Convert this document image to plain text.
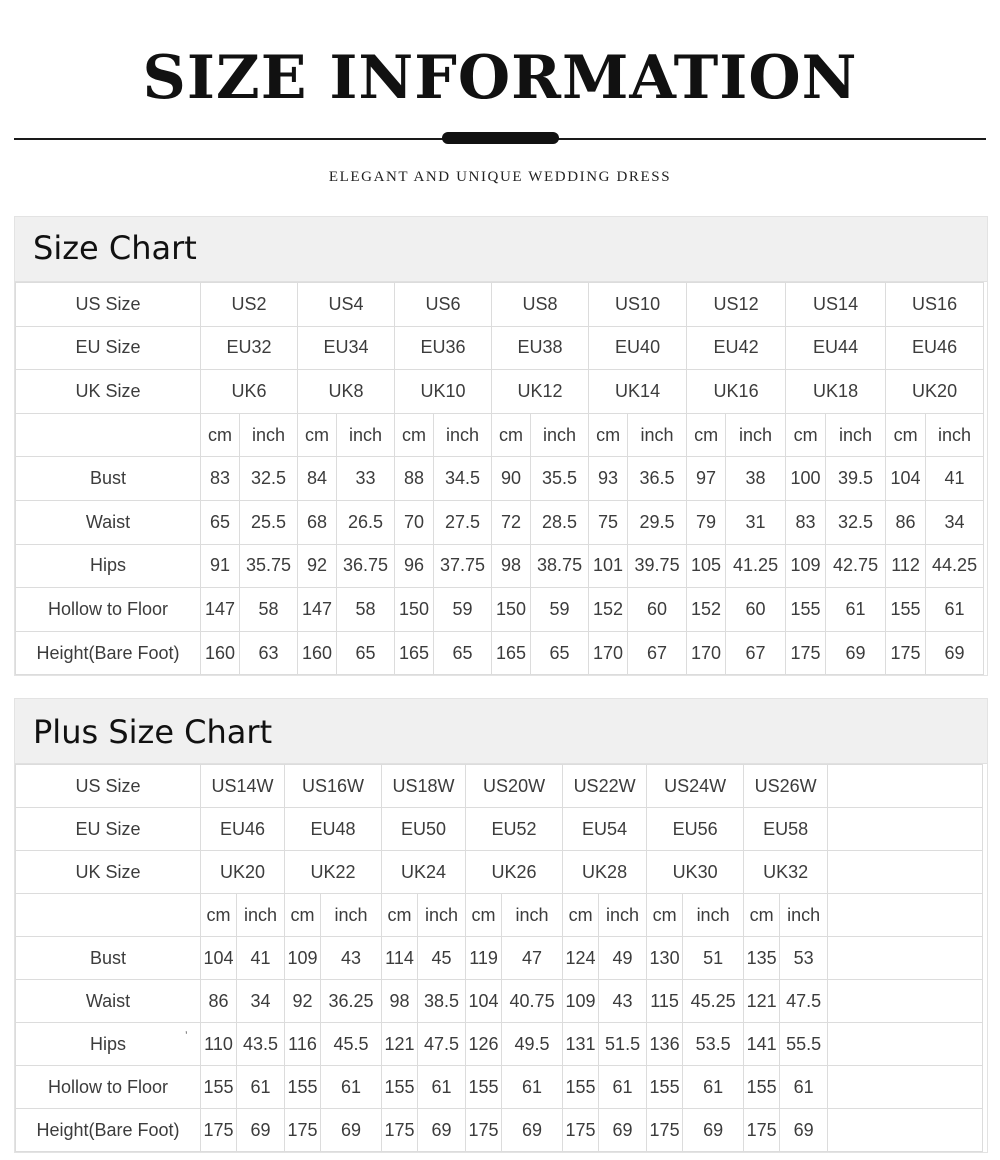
SIZE INFORMATION
ELEGANT AND UNIQUE WEDDING DRESS
Size Chart
US Size	US2		US4		US6		US8		US10		US12		US14		US16	
EU Size	EU32		EU34		EU36		EU38		EU40		EU42		EU44		EU46	
UK Size	UK6		UK8		UK10		UK12		UK14		UK16		UK18		UK20	
	cm	inch	cm	inch	cm	inch	cm	inch	cm	inch	cm	inch	cm	inch	cm	inch
Bust	83	32.5	84	33	88	34.5	90	35.5	93	36.5	97	38	100	39.5	104	41
Waist	65	25.5	68	26.5	70	27.5	72	28.5	75	29.5	79	31	83	32.5	86	34
Hips	91	35.75	92	36.75	96	37.75	98	38.75	101	39.75	105	41.25	109	42.75	112	44.25
Hollow to Floor	147	58	147	58	150	59	150	59	152	60	152	60	155	61	155	61
Height(Bare Foot)	160	63	160	65	165	65	165	65	170	67	170	67	175	69	175	69
Plus Size Chart
US Size	US14W		US16W		US18W		US20W		US22W		US24W		US26W		
EU Size	EU46		EU48		EU50		EU52		EU54		EU56		EU58		
UK Size	UK20		UK22		UK24		UK26		UK28		UK30		UK32		
	cm	inch	cm	inch	cm	inch	cm	inch	cm	inch	cm	inch	cm	inch	
Bust	104	41	109	43	114	45	119	47	124	49	130	51	135	53	
Waist	86	34	92	36.25	98	38.5	104	40.75	109	43	115	45.25	121	47.5	
Hips	110	43.5	116	45.5	121	47.5	126	49.5	131	51.5	136	53.5	141	55.5	
Hollow to Floor	155	61	155	61	155	61	155	61	155	61	155	61	155	61	
Height(Bare Foot)	175	69	175	69	175	69	175	69	175	69	175	69	175	69	
ʼ
